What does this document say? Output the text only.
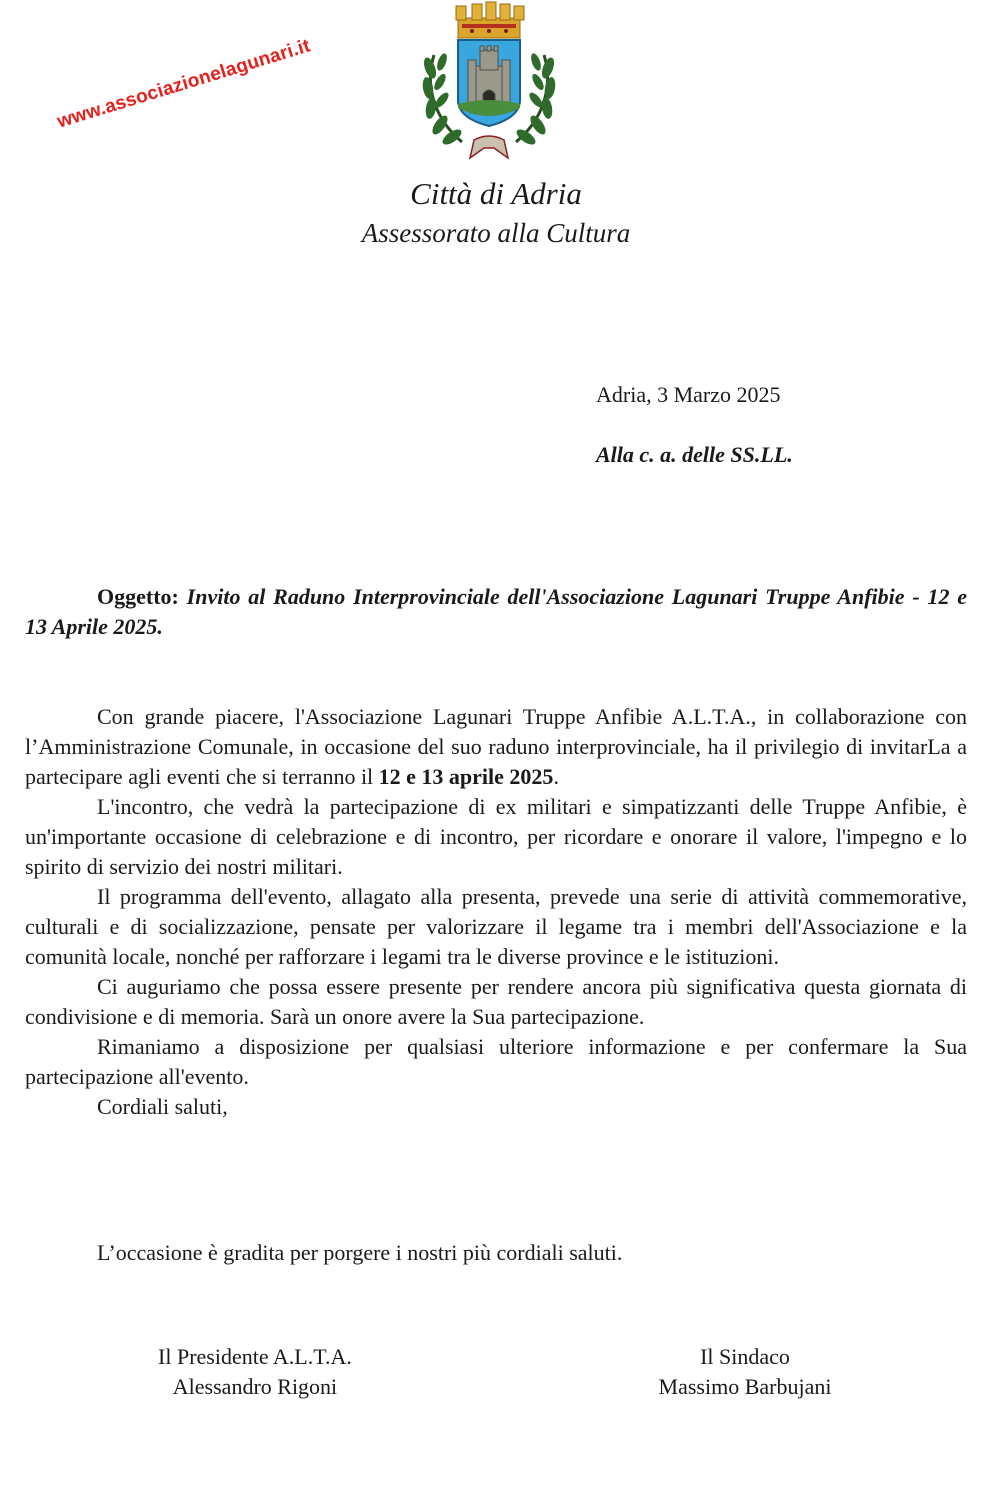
www.associazionelagunari.it
Città di Adria
Assessorato alla Cultura
Adria, 3 Marzo 2025
Alla c. a. delle SS.LL.
Oggetto: Invito al Raduno Interprovinciale dell'Associazione Lagunari Truppe Anfibie - 12 e 13 Aprile 2025.

Con grande piacere, l'Associazione Lagunari Truppe Anfibie A.L.T.A., in collaborazione con l’Amministrazione Comunale, in occasione del suo raduno interprovinciale, ha il privilegio di invitarLa a partecipare agli eventi che si terranno il 12 e 13 aprile 2025.

L'incontro, che vedrà la partecipazione di ex militari e simpatizzanti delle Truppe Anfibie, è un'importante occasione di celebrazione e di incontro, per ricordare e onorare il valore, l'impegno e lo spirito di servizio dei nostri militari.

Il programma dell'evento, allagato alla presenta, prevede una serie di attività commemorative, culturali e di socializzazione, pensate per valorizzare il legame tra i membri dell'Associazione e la comunità locale, nonché per rafforzare i legami tra le diverse province e le istituzioni.

Ci auguriamo che possa essere presente per rendere ancora più significativa questa giornata di condivisione e di memoria. Sarà un onore avere la Sua partecipazione.

Rimaniamo a disposizione per qualsiasi ulteriore informazione e per confermare la Sua partecipazione all'evento.

Cordiali saluti,

L’occasione è gradita per porgere i nostri più cordiali saluti.
Il Presidente A.L.T.A.
Alessandro Rigoni
Il Sindaco
Massimo Barbujani
